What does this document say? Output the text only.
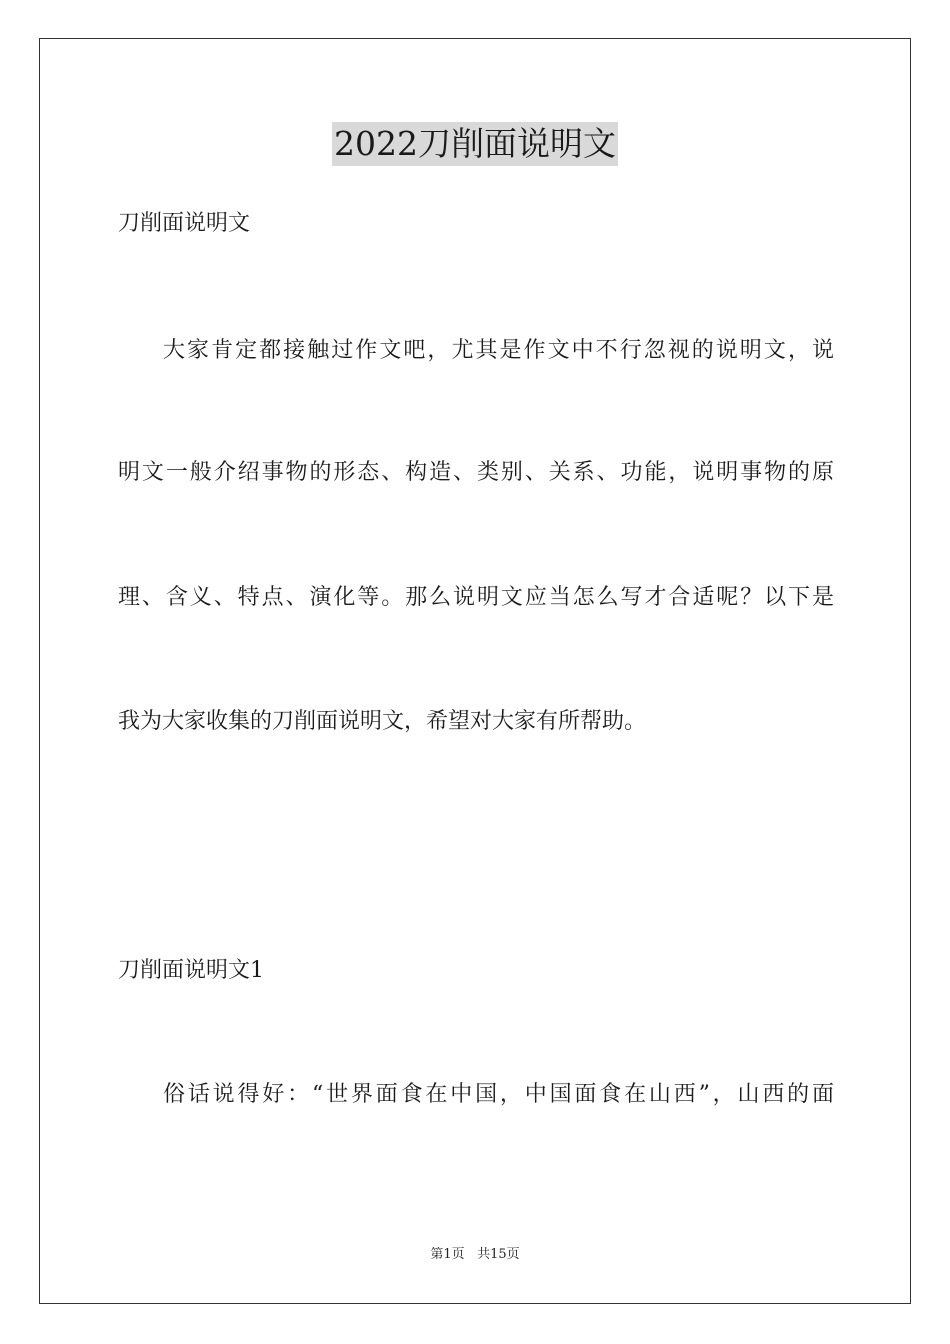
2022刀削面说明文
刀削面说明文
大家肯定都接触过作文吧，尤其是作文中不行忽视的说明文，说
明文一般介绍事物的形态、构造、类别、关系、功能，说明事物的原
理、含义、特点、演化等。那么说明文应当怎么写才合适呢？以下是
我为大家收集的刀削面说明文，希望对大家有所帮助。
刀削面说明文1
俗话说得好：“世界面食在中国，中国面食在山西”，山西的面
第1页 共15页
